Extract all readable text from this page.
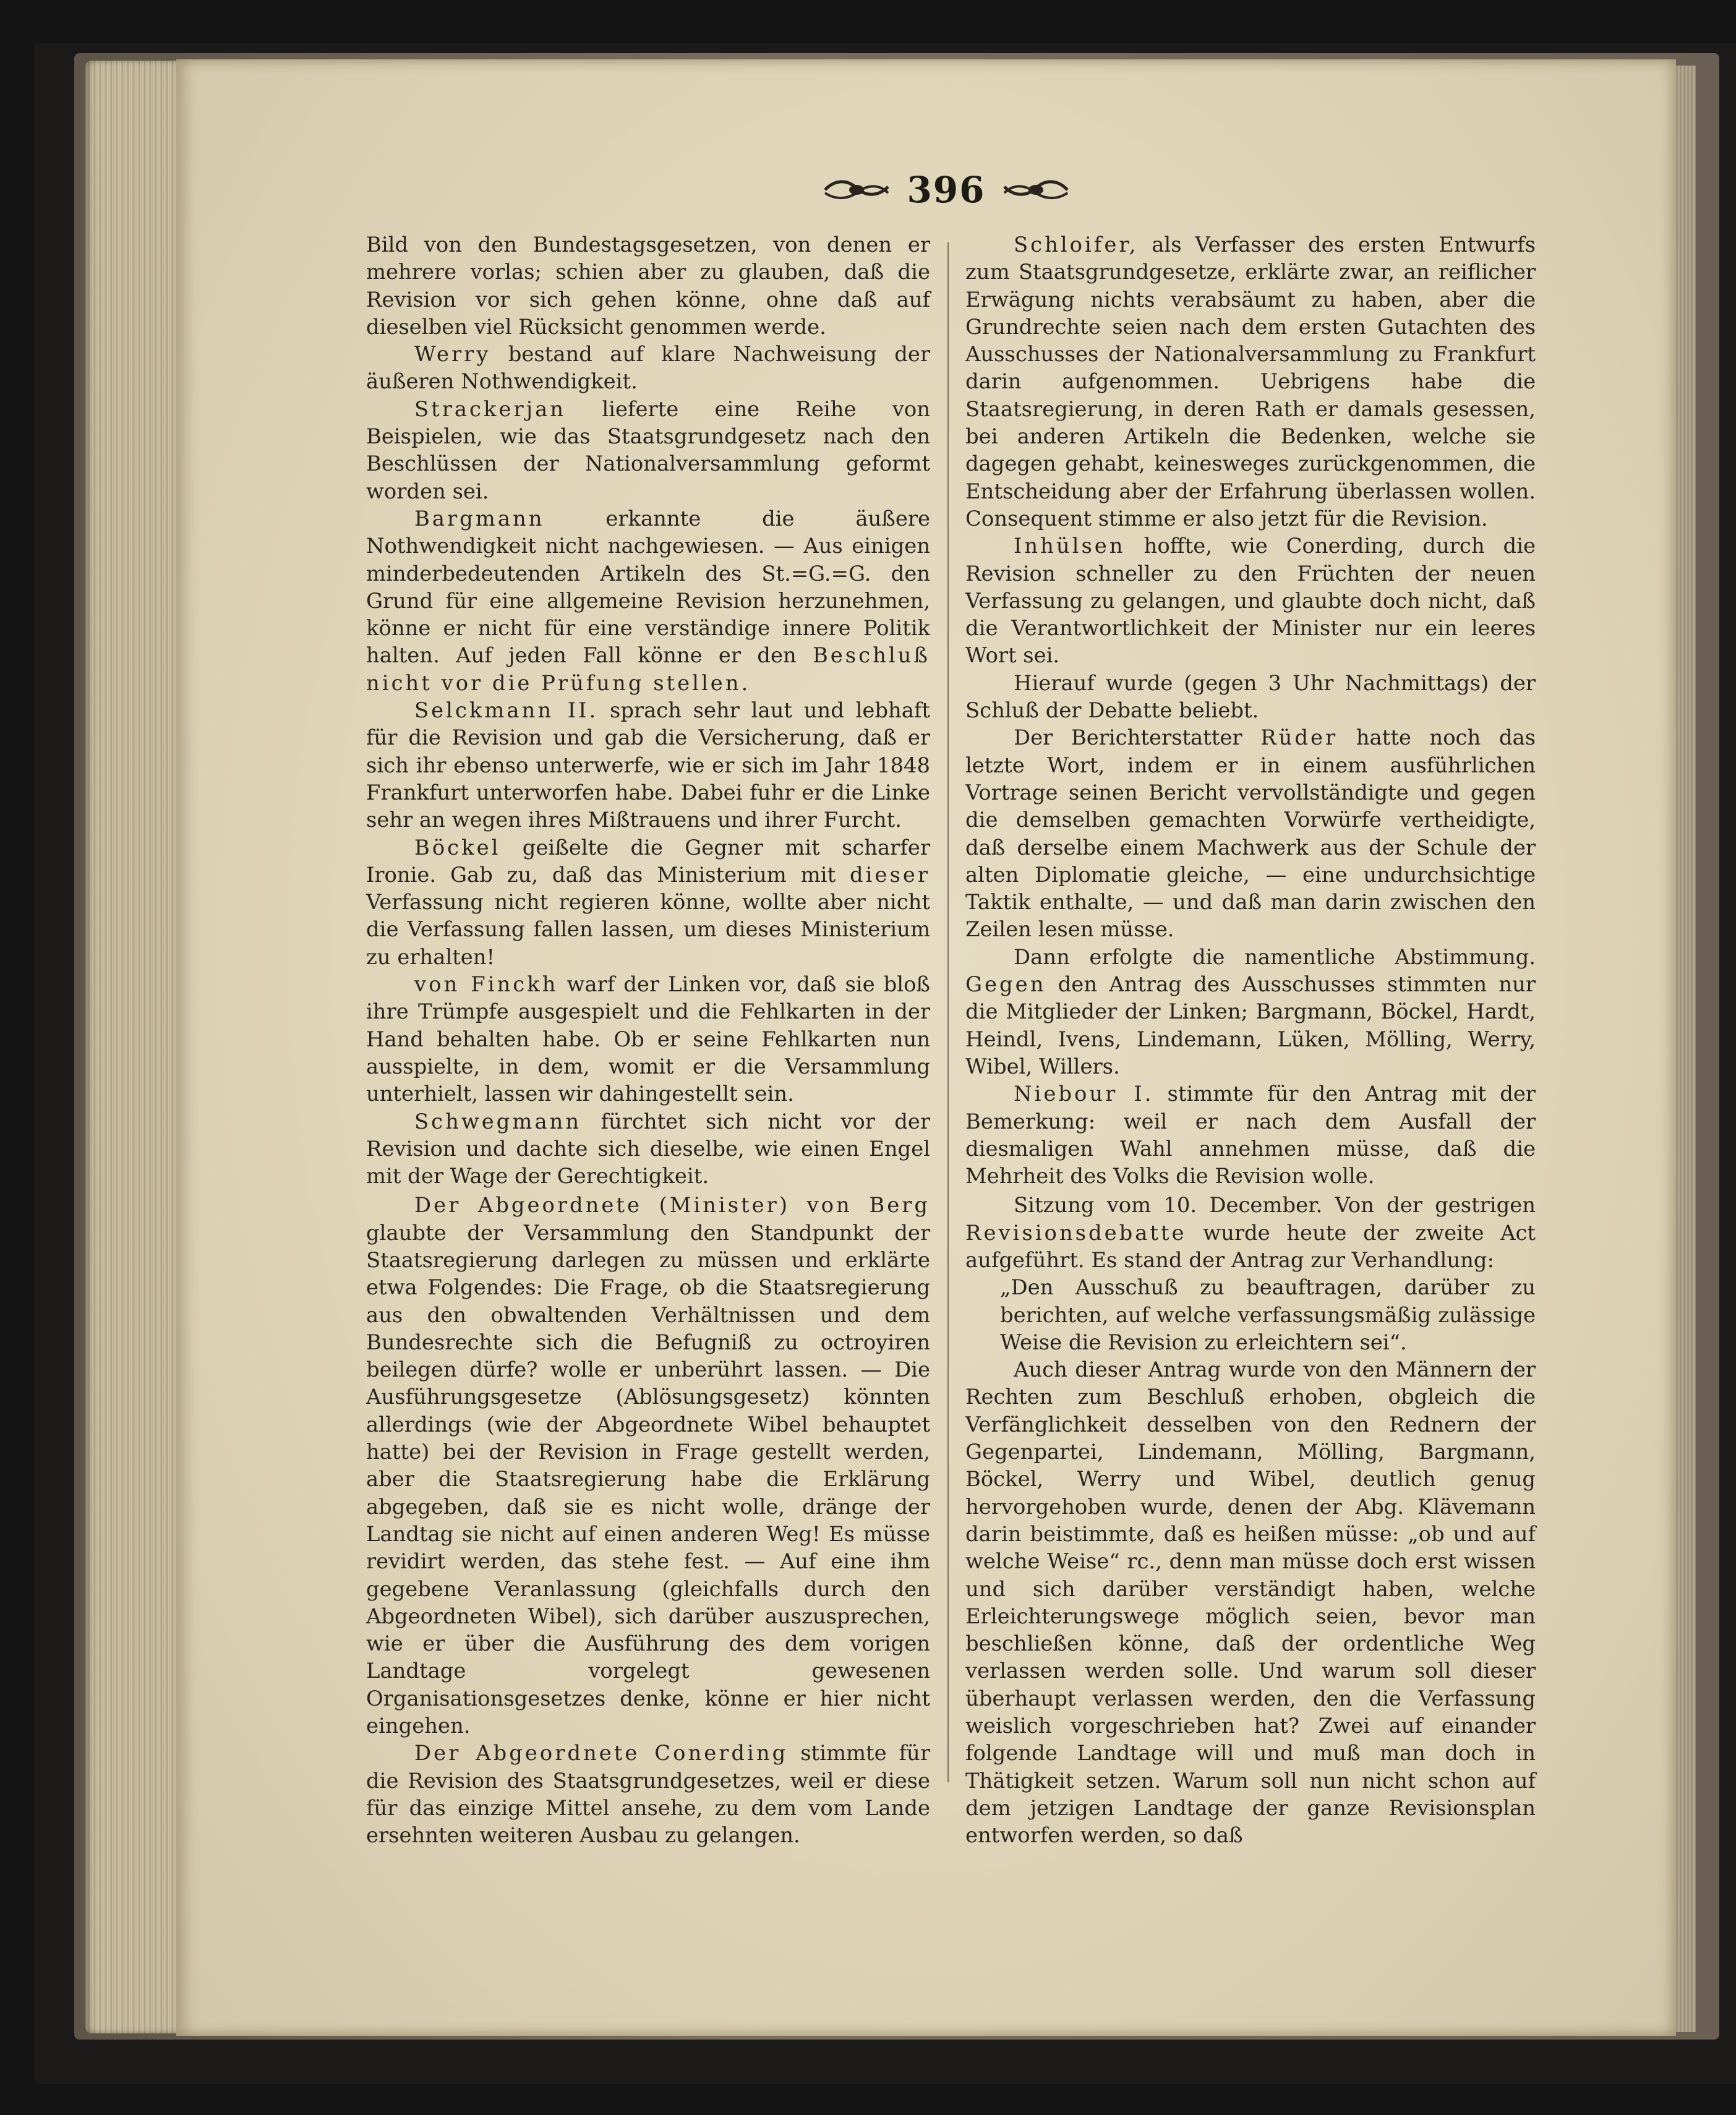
396

Bild von den Bundestagsgesetzen, von denen er mehrere vorlas; schien aber zu glauben, daß die Revision vor sich gehen könne, ohne daß auf dieselben viel Rücksicht genommen werde.

Werry bestand auf klare Nachweisung der äußeren Nothwendigkeit.

Strackerjan lieferte eine Reihe von Beispielen, wie das Staatsgrundgesetz nach den Beschlüssen der Nationalversammlung geformt worden sei.

Bargmann	erkannte die äußere Nothwendigkeit nicht nachgewiesen. — Aus einigen minderbedeutenden Artikeln des St.=G.=G. den Grund für eine allgemeine Revision herzunehmen, könne er nicht für eine verständige innere Politik halten. Auf jeden Fall könne er den Beschluß nicht vor die Prüfung stellen.

Selckmann II. sprach sehr laut und lebhaft für die Revision und gab die Versicherung, daß er sich ihr ebenso unterwerfe, wie er sich im Jahr 1848 Frankfurt unterworfen habe. Dabei fuhr er die Linke sehr an wegen ihres Mißtrauens und ihrer Furcht.

Böckel geißelte die Gegner mit scharfer Ironie. Gab zu, daß das Ministerium mit dieser Verfassung nicht regieren könne, wollte aber nicht die Verfassung fallen lassen, um dieses Ministerium zu erhalten!

von Finckh warf der Linken vor, daß sie bloß ihre Trümpfe ausgespielt und die Fehlkarten in der Hand behalten habe. Ob er seine Fehlkarten nun ausspielte, in dem, womit er die Versammlung unterhielt, lassen wir dahingestellt sein.

Schwegmann fürchtet sich nicht vor der Revision und dachte sich dieselbe, wie einen Engel mit der Wage der Gerechtigkeit.

Der Abgeordnete (Minister) von Berg glaubte der Versammlung den Standpunkt der Staatsregierung darlegen zu müssen und erklärte etwa Folgendes: Die Frage, ob die Staatsregierung aus den obwaltenden Verhältnissen und dem Bundesrechte sich die Befugniß zu octroyiren beilegen dürfe? wolle er unberührt lassen. — Die Ausführungsgesetze (Ablösungsgesetz) könnten allerdings (wie der Abgeordnete Wibel behauptet hatte) bei der Revision in Frage gestellt werden, aber die Staatsregierung habe die Erklärung abgegeben, daß sie es nicht wolle, dränge der Landtag sie nicht auf einen anderen Weg! Es müsse revidirt werden, das stehe fest. — Auf eine ihm gegebene Veranlassung (gleichfalls durch den Abgeordneten Wibel), sich darüber auszusprechen, wie er über die Ausführung des dem vorigen Landtage vorgelegt gewesenen Organisationsgesetzes denke, könne er hier nicht eingehen.

Der Abgeordnete Conerding stimmte für die Revision des Staatsgrundgesetzes, weil er diese für das einzige Mittel ansehe, zu dem vom Lande ersehnten weiteren Ausbau zu gelangen.

Schloifer, als Verfasser des ersten Entwurfs zum Staatsgrundgesetze, erklärte zwar, an reiflicher Erwägung nichts verabsäumt zu haben, aber die Grundrechte seien nach dem ersten Gutachten des Ausschusses der Nationalversammlung zu Frankfurt darin aufgenommen. Uebrigens habe die Staatsregierung, in deren Rath er damals gesessen, bei anderen Artikeln die Bedenken, welche sie dagegen gehabt, keinesweges zurückgenommen, die Entscheidung aber der Erfahrung überlassen wollen. Consequent stimme er also jetzt für die Revision.

Inhülsen hoffte, wie Conerding, durch die Revision schneller zu den Früchten der neuen Verfassung zu gelangen, und glaubte doch nicht, daß die Verantwortlichkeit der Minister nur ein leeres Wort sei.

Hierauf wurde (gegen 3 Uhr Nachmittags) der Schluß der Debatte beliebt.

Der Berichterstatter Rüder hatte noch das letzte Wort, indem er in einem ausführlichen Vortrage seinen Bericht vervollständigte und gegen die demselben gemachten Vorwürfe vertheidigte, daß derselbe einem Machwerk aus der Schule der alten Diplomatie gleiche, — eine undurchsichtige Taktik enthalte, — und daß man darin zwischen den Zeilen lesen müsse.

Dann erfolgte die namentliche Abstimmung. Gegen den Antrag des Ausschusses stimmten nur die Mitglieder der Linken; Bargmann, Böckel, Hardt, Heindl, Ivens, Lindemann, Lüken, Mölling, Werry, Wibel, Willers.

Niebour I. stimmte für den Antrag mit der Bemerkung: weil er nach dem Ausfall der diesmaligen Wahl annehmen müsse, daß die Mehrheit des Volks die Revision wolle.

Sitzung vom 10. December. Von der gestrigen Revisionsdebatte wurde heute der zweite Act aufgeführt. Es stand der Antrag zur Verhandlung:

„Den Ausschuß zu beauftragen, darüber zu berichten, auf welche verfassungsmäßig zulässige Weise die Revision zu erleichtern sei“.

Auch dieser Antrag wurde von den Männern der Rechten zum Beschluß erhoben, obgleich die Verfänglichkeit desselben von den Rednern der Gegenpartei, Lindemann, Mölling, Bargmann, Böckel, Werry und Wibel, deutlich genug hervorgehoben wurde, denen der Abg. Klävemann darin beistimmte, daß es heißen müsse: „ob und auf welche Weise“ rc., denn man müsse doch erst wissen und sich darüber verständigt haben, welche Erleichterungswege möglich seien, bevor man beschließen könne, daß der ordentliche Weg verlassen werden solle. Und warum soll dieser überhaupt verlassen werden, den die Verfassung weislich vorgeschrieben hat? Zwei auf einander folgende Landtage will und muß man doch in Thätigkeit setzen. Warum soll nun nicht schon auf dem jetzigen Landtage der ganze Revisionsplan entworfen werden, so daß
